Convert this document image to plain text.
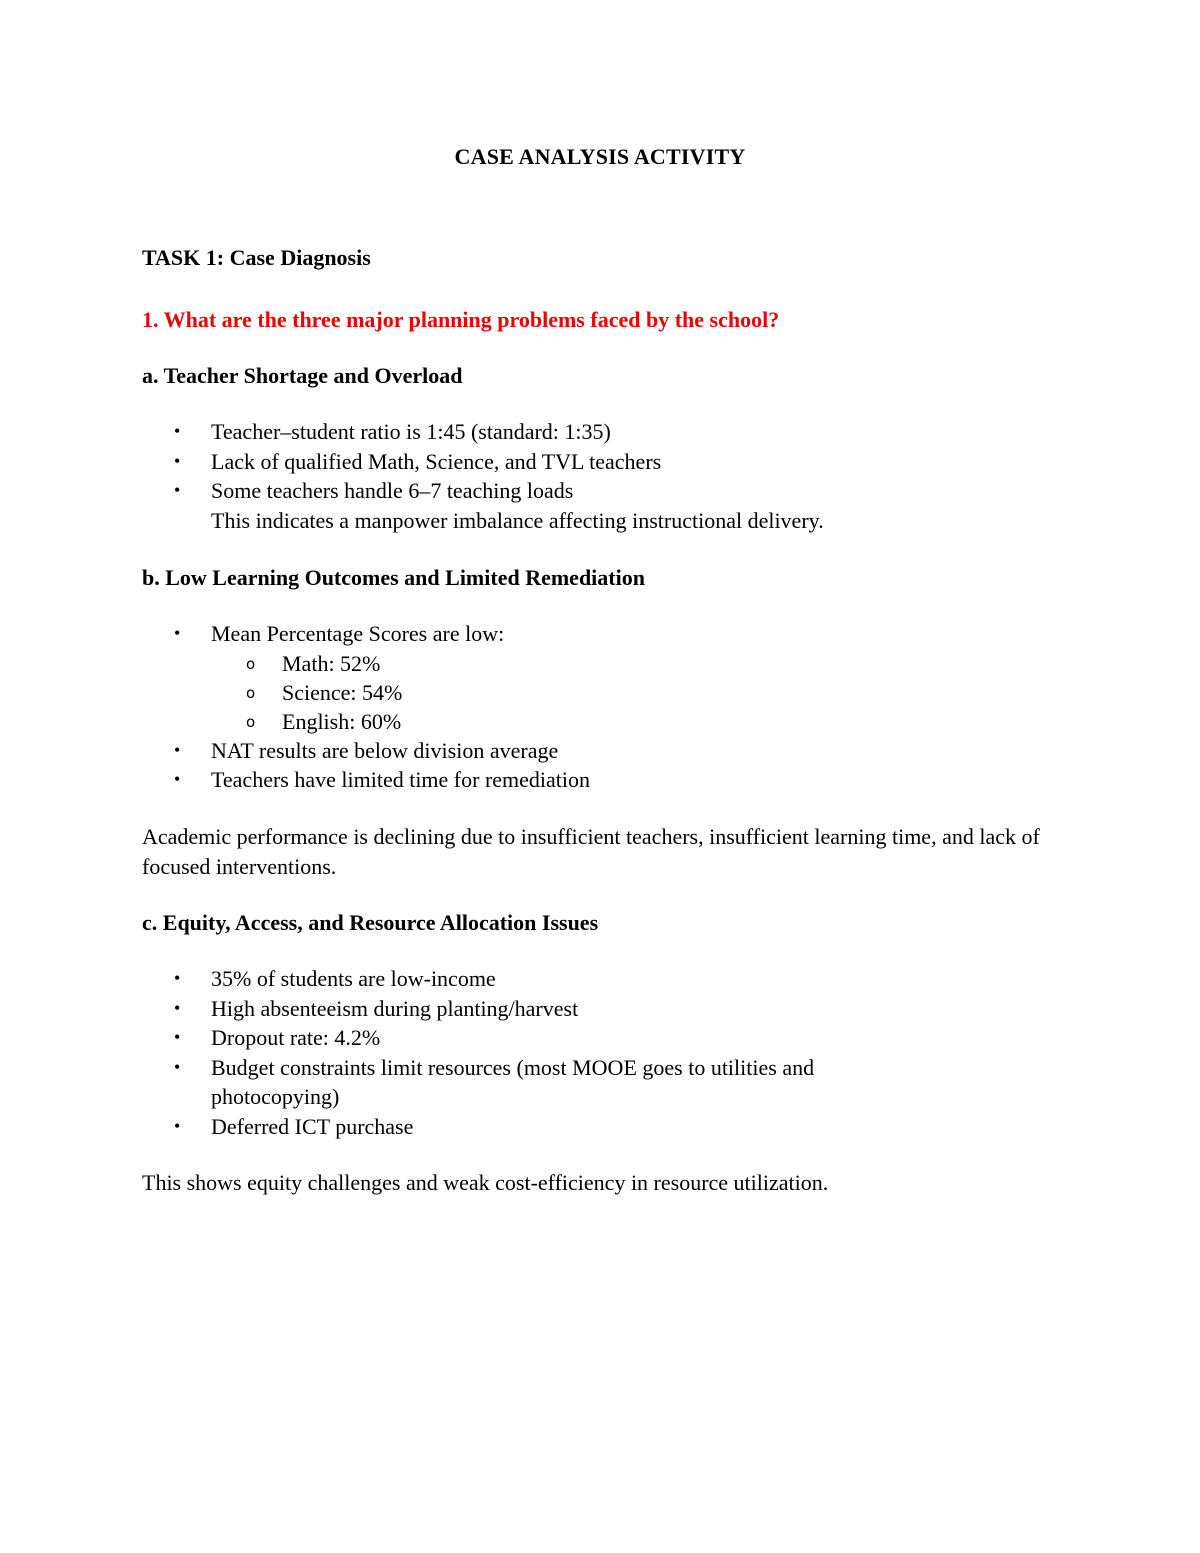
CASE ANALYSIS ACTIVITY
TASK 1: Case Diagnosis
1. What are the three major planning problems faced by the school?
a. Teacher Shortage and Overload
• Teacher–student ratio is 1:45 (standard: 1:35)
• Lack of qualified Math, Science, and TVL teachers
• Some teachers handle 6–7 teaching loads
This indicates a manpower imbalance affecting instructional delivery.
b. Low Learning Outcomes and Limited Remediation
• Mean Percentage Scores are low:
o Math: 52%
o Science: 54%
o English: 60%
• NAT results are below division average
• Teachers have limited time for remediation
Academic performance is declining due to insufficient teachers, insufficient learning time, and lack of focused interventions.
c. Equity, Access, and Resource Allocation Issues
• 35% of students are low-income
• High absenteeism during planting/harvest
• Dropout rate: 4.2%
• Budget constraints limit resources (most MOOE goes to utilities and photocopying)
• Deferred ICT purchase
This shows equity challenges and weak cost-efficiency in resource utilization.
